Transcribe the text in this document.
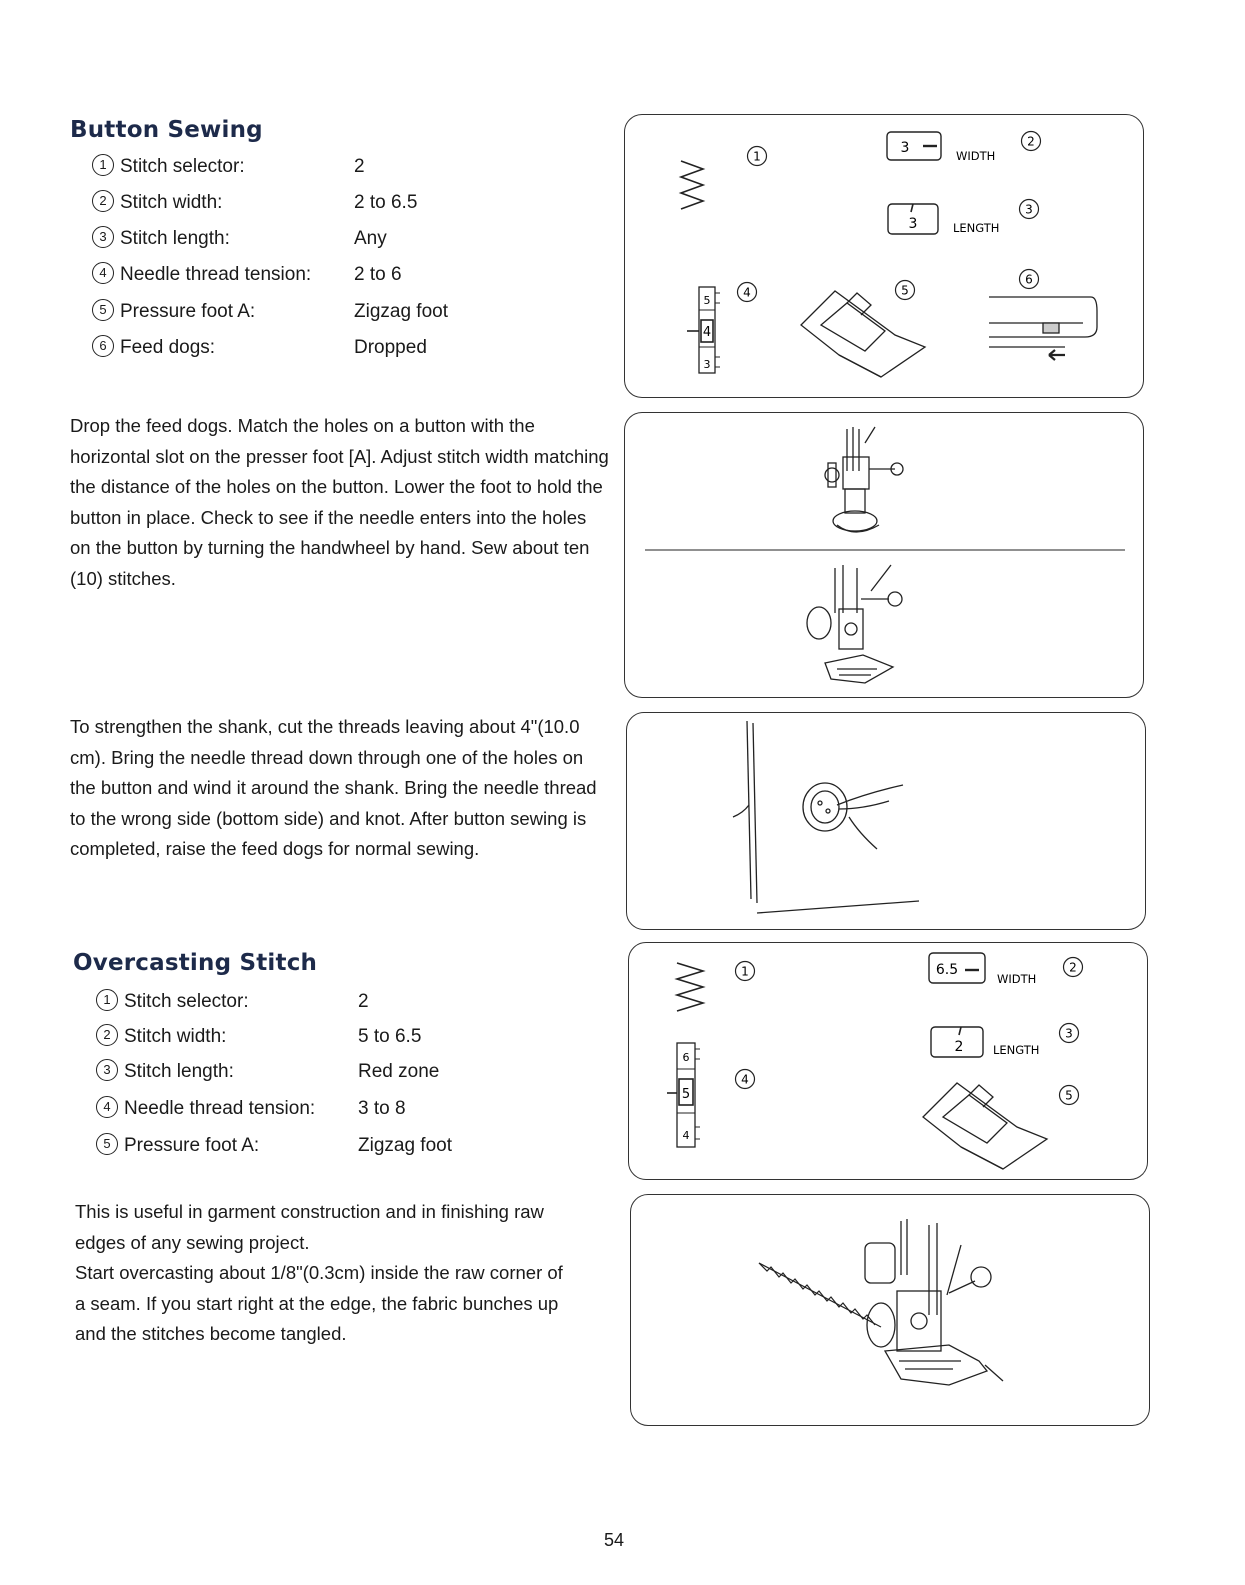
Button Sewing
1 Stitch selector:	2
2 Stitch width:	2 to 6.5
3 Stitch length:	Any
4 Needle thread tension: 2 to 6
5 Pressure foot A:	Zigzag foot
6 Feed dogs:	Dropped
Drop the feed dogs. Match the holes on a button with the horizontal slot on the presser foot [A]. Adjust stitch width matching the distance of the holes on the button. Lower the foot to hold the button in place. Check to see if the needle enters into the holes on the button by turning the handwheel by hand. Sew about ten (10) stitches.
To strengthen the shank, cut the threads leaving about 4"(10.0 cm). Bring the needle thread down through one of the holes on the button and wind it around the shank. Bring the needle thread to the wrong side (bottom side) and knot. After button sewing is completed, raise the feed dogs for normal sewing.
Overcasting Stitch
1 Stitch selector:	2
2 Stitch width:	5 to 6.5
3 Stitch length:	Red zone
4 Needle thread tension: 3 to 8
5 Pressure foot A:	Zigzag foot
This is useful in garment construction and in finishing raw
edges of any sewing project.
Start overcasting about 1/8"(0.3cm) inside the raw corner of
a seam. If you start right at the edge, the fabric bunches up
and the stitches become tangled.
1
3	WIDTH
2
3	LENGTH
3
5
4
3
4	5
6
1	6.5
WIDTH
2
2	LENGTH
3
6
5
4
4
5
54
